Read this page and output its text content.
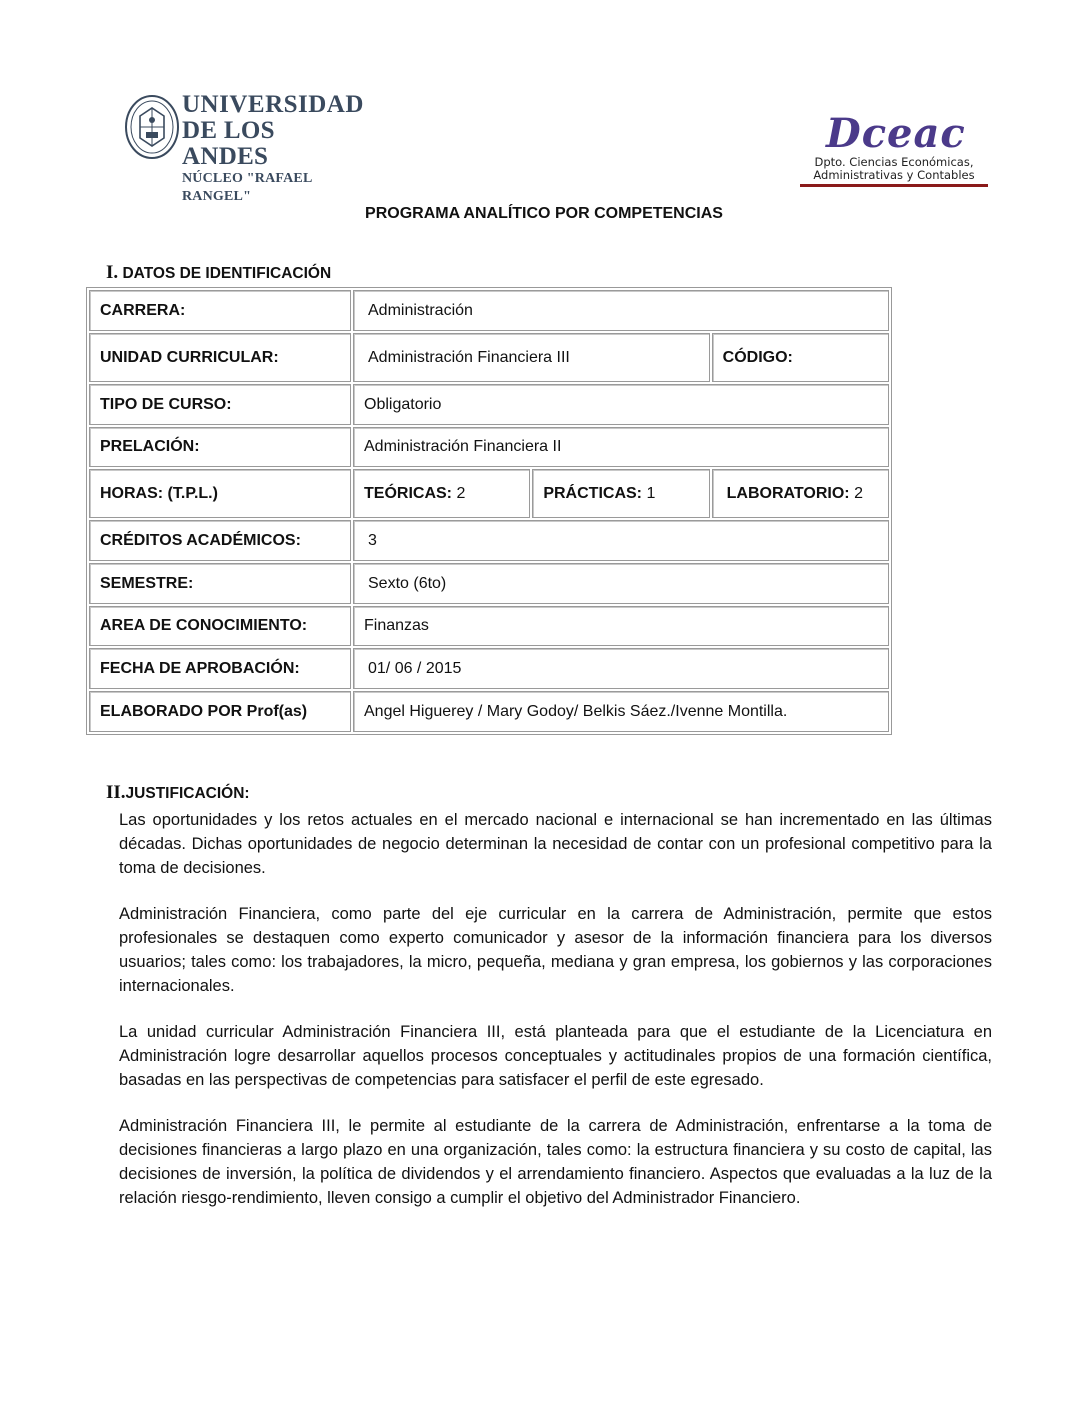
UNIVERSIDAD
DE LOS ANDES
NÚCLEO "RAFAEL RANGEL"
Dceac
Dpto. Ciencias Económicas,
Administrativas y Contables
PROGRAMA ANALÍTICO POR COMPETENCIAS
I. DATOS DE IDENTIFICACIÓN
CARRERA:	Administración		
UNIDAD CURRICULAR:	Administración Financiera III		CÓDIGO:
TIPO DE CURSO:	Obligatorio		
PRELACIÓN:	Administración Financiera II		
HORAS: (T.P.L.)	TEÓRICAS: 2	PRÁCTICAS: 1	LABORATORIO: 2
CRÉDITOS ACADÉMICOS:	3		
SEMESTRE:	Sexto (6to)		
AREA DE CONOCIMIENTO:	Finanzas		
FECHA DE APROBACIÓN:	01/ 06 / 2015		
ELABORADO POR Prof(as)	Angel Higuerey / Mary Godoy/ Belkis Sáez./Ivenne Montilla.		
II.JUSTIFICACIÓN:

Las oportunidades y los retos actuales en el mercado nacional e internacional se han incrementado en las últimas décadas. Dichas oportunidades de negocio determinan la necesidad de contar con un profesional competitivo para la toma de decisiones.

Administración Financiera, como parte del eje curricular en la carrera de Administración, permite que estos profesionales se destaquen como experto comunicador y asesor de la información financiera para los diversos usuarios; tales como: los trabajadores, la micro, pequeña, mediana y gran empresa, los gobiernos y las corporaciones internacionales.

La unidad curricular Administración Financiera III, está planteada para que el estudiante de la Licenciatura en Administración logre desarrollar aquellos procesos conceptuales y actitudinales propios de una formación científica, basadas en las perspectivas de competencias para satisfacer el perfil de este egresado.

Administración Financiera III, le permite al estudiante de la carrera de Administración, enfrentarse a la toma de decisiones financieras a largo plazo en una organización, tales como: la estructura financiera y su costo de capital, las decisiones de inversión, la política de dividendos y el arrendamiento financiero. Aspectos que evaluadas a la luz de la relación riesgo-rendimiento, lleven consigo a cumplir el objetivo del Administrador Financiero.
